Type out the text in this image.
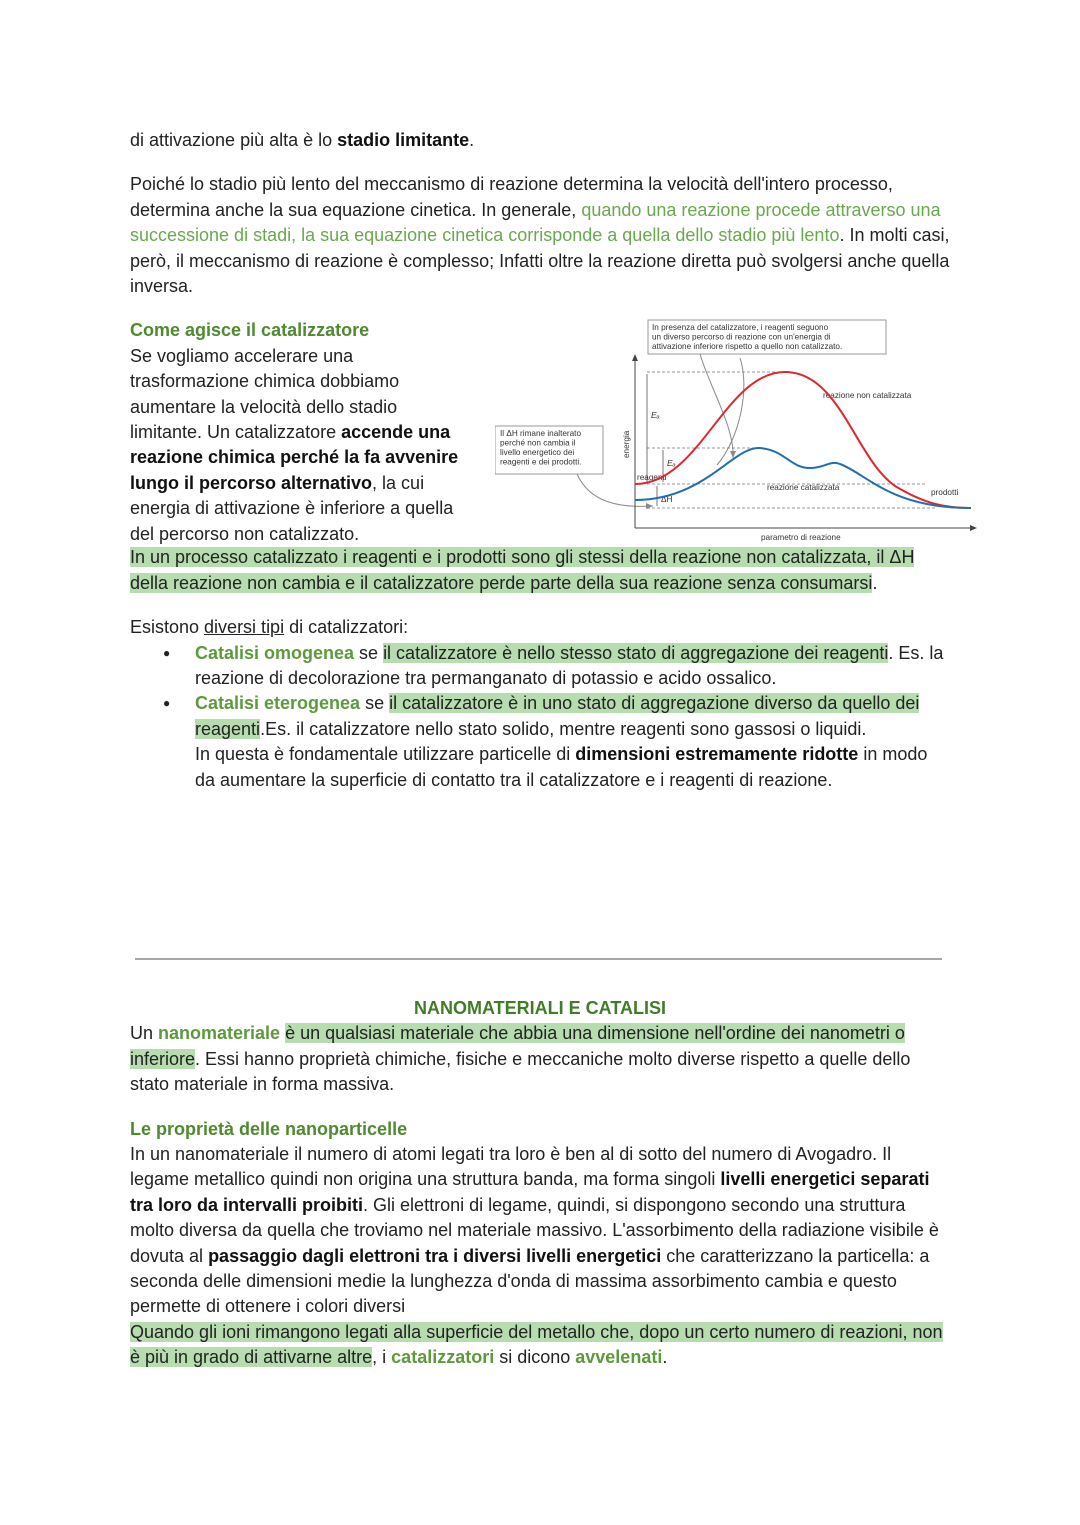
di attivazione più alta è lo stadio limitante.

Poiché lo stadio più lento del meccanismo di reazione determina la velocità dell'intero processo, determina anche la sua equazione cinetica. In generale, quando una reazione procede attraverso una successione di stadi, la sua equazione cinetica corrisponde a quella dello stadio più lento. In molti casi, però, il meccanismo di reazione è complesso; Infatti oltre la reazione diretta può svolgersi anche quella inversa.

Come agisce il catalizzatore
Se vogliamo accelerare una trasformazione chimica dobbiamo aumentare la velocità dello stadio limitante. Un catalizzatore accende una reazione chimica perché la fa avvenire lungo il percorso alternativo, la cui energia di attivazione è inferiore a quella del percorso non catalizzato.
In presenza del catalizzatore, i reagenti seguono
un diverso percorso di reazione con un'energia di
attivazione inferiore rispetto a quello non catalizzato.
Il ΔH rimane inalterato
perché non cambia il
livello energetico dei
reagenti e dei prodotti.
energia
parametro di reazione
Eₐ
Eₐ
reagenti
ΔH
prodotti
reazione non catalizzata
reazione catalizzata

In un processo catalizzato i reagenti e i prodotti sono gli stessi della reazione non catalizzata, il ΔH della reazione non cambia e il catalizzatore perde parte della sua reazione senza consumarsi.

Esistono diversi tipi di catalizzatori:
● Catalisi omogenea se il catalizzatore è nello stesso stato di aggregazione dei reagenti. Es. la reazione di decolorazione tra permanganato di potassio e acido ossalico.
● Catalisi eterogenea se il catalizzatore è in uno stato di aggregazione diverso da quello dei reagenti.Es. il catalizzatore nello stato solido, mentre reagenti sono gassosi o liquidi.
In questa è fondamentale utilizzare particelle di dimensioni estremamente ridotte in modo da aumentare la superficie di contatto tra il catalizzatore e i reagenti di reazione.
NANOMATERIALI E CATALISI

Un nanomateriale è un qualsiasi materiale che abbia una dimensione nell'ordine dei nanometri o inferiore. Essi hanno proprietà chimiche, fisiche e meccaniche molto diverse rispetto a quelle dello stato materiale in forma massiva.

Le proprietà delle nanoparticelle
In un nanomateriale il numero di atomi legati tra loro è ben al di sotto del numero di Avogadro. Il legame metallico quindi non origina una struttura banda, ma forma singoli livelli energetici separati tra loro da intervalli proibiti. Gli elettroni di legame, quindi, si dispongono secondo una struttura molto diversa da quella che troviamo nel materiale massivo. L'assorbimento della radiazione visibile è dovuta al passaggio dagli elettroni tra i diversi livelli energetici che caratterizzano la particella: a seconda delle dimensioni medie la lunghezza d'onda di massima assorbimento cambia e questo permette di ottenere i colori diversi
Quando gli ioni rimangono legati alla superficie del metallo che, dopo un certo numero di reazioni, non è più in grado di attivarne altre, i catalizzatori si dicono avvelenati.
